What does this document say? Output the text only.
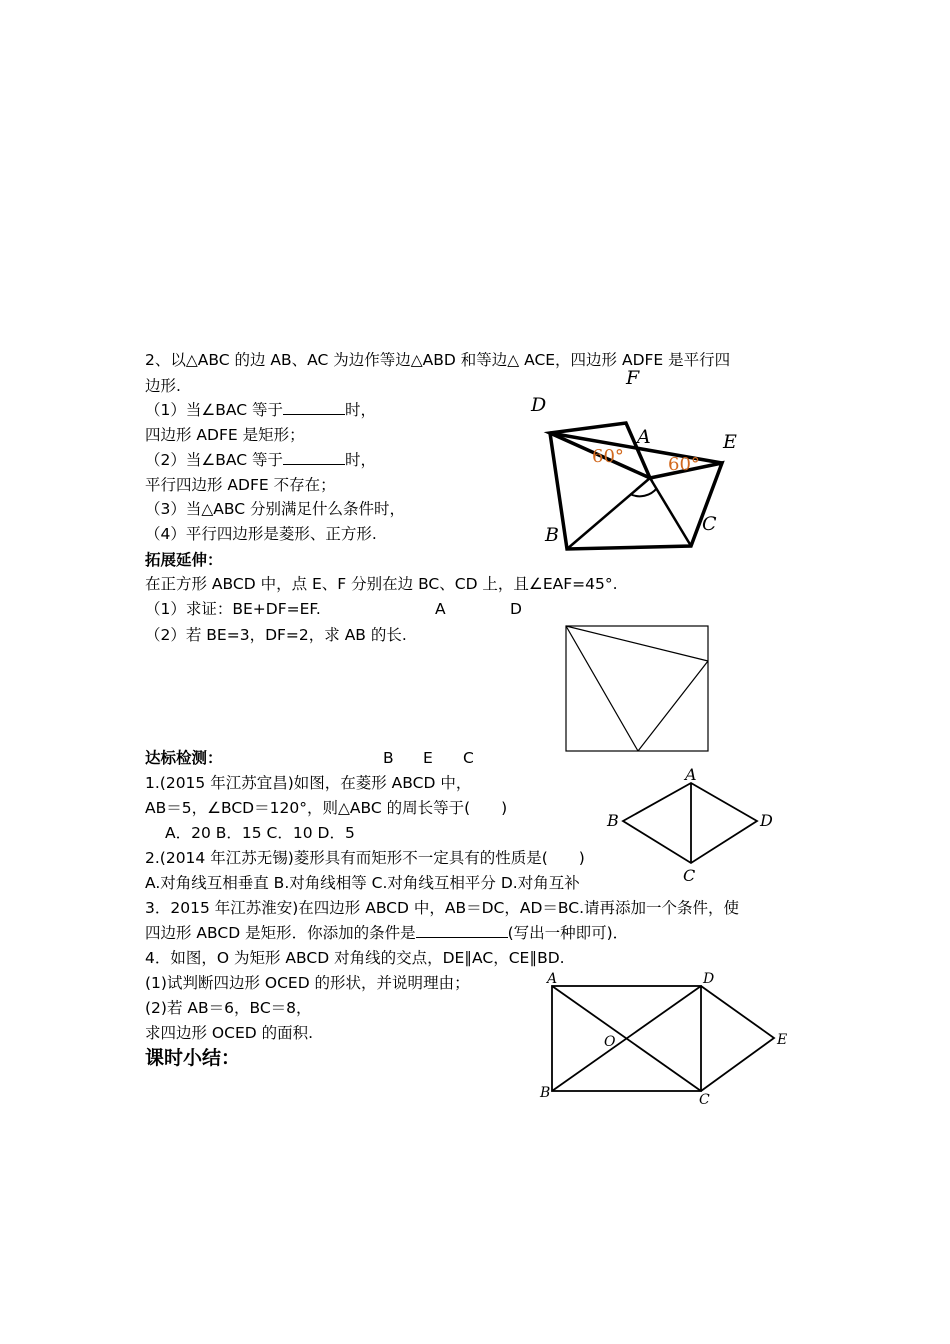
2、以△ABC 的边 AB、AC 为边作等边△ABD 和等边△ ACE，四边形 ADFE 是平行四
边形.
（1）当∠BAC 等于	时，
四边形 ADFE 是矩形；
（2）当∠BAC 等于	时，
平行四边形 ADFE 不存在；
（3）当△ABC 分别满足什么条件时，
（4）平行四边形是菱形、正方形.
拓展延伸：
在正方形 ABCD 中，点 E、F 分别在边 BC、CD 上，且∠EAF=45°.
（1）求证：BE+DF=EF.	A	D
（2）若 BE=3，DF=2，求 AB 的长.
达标检测：	B E C
1.(2015 年江苏宜昌)如图，在菱形 ABCD 中，
AB＝5，∠BCD＝120°，则△ABC 的周长等于(　　)
A．20 B．15 C．10 D．5
2.(2014 年江苏无锡)菱形具有而矩形不一定具有的性质是(　　)
A.对角线互相垂直 B.对角线相等 C.对角线互相平分 D.对角互补
3．2015 年江苏淮安)在四边形 ABCD 中，AB＝DC，AD＝BC.请再添加一个条件，使
四边形 ABCD 是矩形．你添加的条件是	(写出一种即可)．
4．如图，O 为矩形 ABCD 对角线的交点，DE∥AC，CE∥BD.
(1)试判断四边形 OCED 的形状，并说明理由；
(2)若 AB＝6，BC＝8，
求四边形 OCED 的面积.
课时小结：
F
D
A	E
B	C
60° 60°
A
B
C
D
A	D
O	E
B	C
